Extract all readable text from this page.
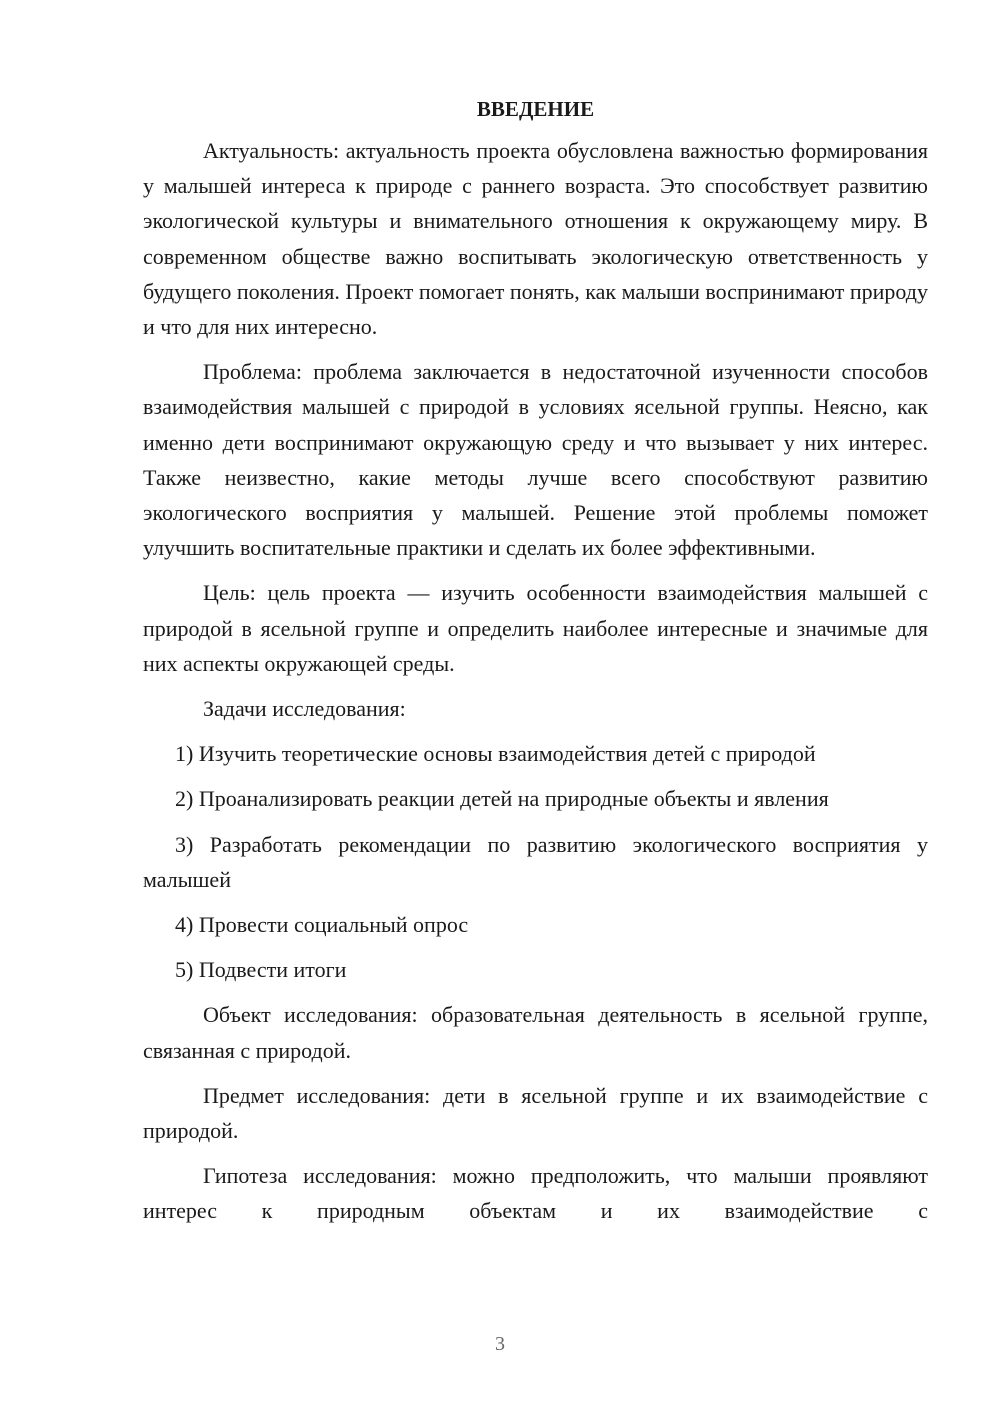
ВВЕДЕНИЕ

Актуальность: актуальность проекта обусловлена важностью формирования у малышей интереса к природе с раннего возраста. Это способствует развитию экологической культуры и внимательного отношения к окружающему миру. В современном обществе важно воспитывать экологическую ответственность у будущего поколения. Проект помогает понять, как малыши воспринимают природу и что для них интересно.

Проблема: проблема заключается в недостаточной изученности способов взаимодействия малышей с природой в условиях ясельной группы. Неясно, как именно дети воспринимают окружающую среду и что вызывает у них интерес. Также неизвестно, какие методы лучше всего способствуют развитию экологического восприятия у малышей. Решение этой проблемы поможет улучшить воспитательные практики и сделать их более эффективными.

Цель: цель проекта — изучить особенности взаимодействия малышей с природой в ясельной группе и определить наиболее интересные и значимые для них аспекты окружающей среды.

Задачи исследования:

1) Изучить теоретические основы взаимодействия детей с природой

2) Проанализировать реакции детей на природные объекты и явления

3) Разработать рекомендации по развитию экологического восприятия у малышей

4) Провести социальный опрос

5) Подвести итоги

Объект исследования: образовательная деятельность в ясельной группе, связанная с природой.

Предмет исследования: дети в ясельной группе и их взаимодействие с природой.

Гипотеза исследования: можно предположить, что малыши проявляют интерес к природным объектам и их взаимодействие с

3
